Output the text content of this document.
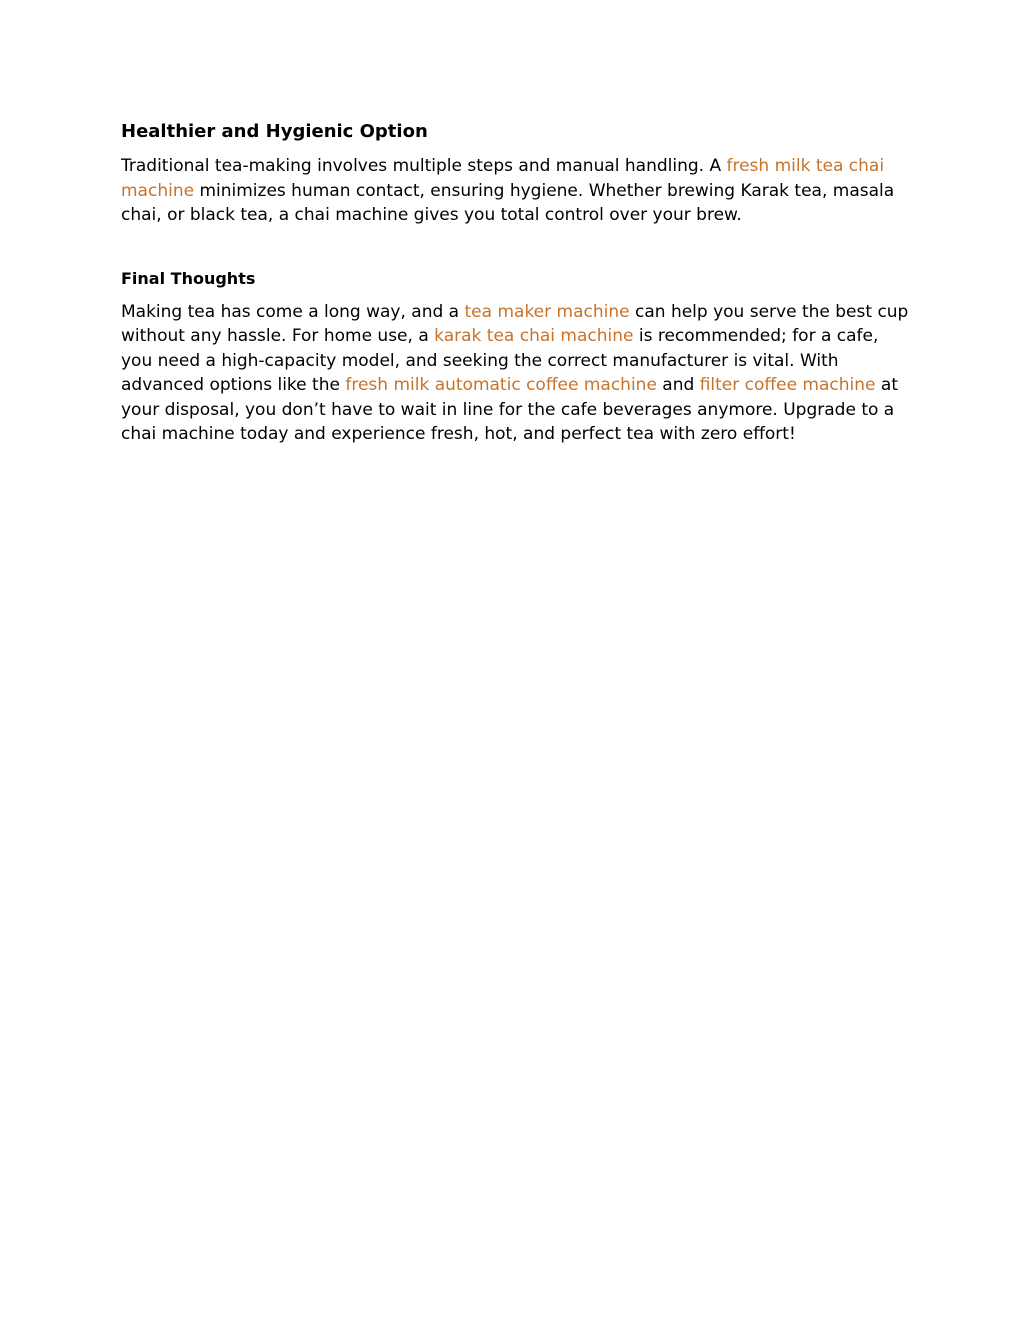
Healthier and Hygienic Option

Traditional tea-making involves multiple steps and manual handling. A fresh milk tea chai machine minimizes human contact, ensuring hygiene. Whether brewing Karak tea, masala chai, or black tea, a chai machine gives you total control over your brew.

Final Thoughts

Making tea has come a long way, and a tea maker machine can help you serve the best cup without any hassle. For home use, a karak tea chai machine is recommended; for a cafe, you need a high-capacity model, and seeking the correct manufacturer is vital. With advanced options like the fresh milk automatic coffee machine and filter coffee machine at your disposal, you don’t have to wait in line for the cafe beverages anymore. Upgrade to a chai machine today and experience fresh, hot, and perfect tea with zero effort!
